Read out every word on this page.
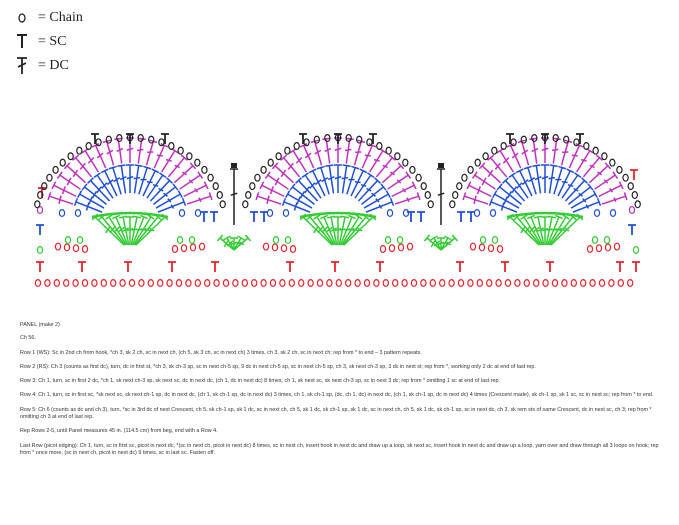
= Chain
= SC
= DC
PANEL (make 2)
Ch 56.
Row 1 (WS): Sc in 2nd ch from hook, *ch 3, sk 2 ch, sc in next ch, (ch 5, sk 3 ch, sc in next ch) 3 times, ch 3, sk 2 ch, sc in next ch; rep from * to end – 3 pattern repeats.
Row 2 (RS): Ch 3 (counts as first dc), turn, dc in first st, *ch 3, sk ch-3 sp, sc in next ch-5 sp, 9 dc in next ch-5 sp, sc in next ch-5 sp, ch 3, sk next ch-3 sp, 3 dc in next st; rep from *, working only 2 dc at end of last rep.
Row 3: Ch 1, turn, sc in first 2 dc, *ch 1, sk next ch-3 sp, sk next sc, dc in next dc, (ch 1, dc in next dc) 8 times, ch 1, sk next sc, sk next ch-3 sp, sc in next 3 dc; rep from * omitting 1 sc at end of last rep.
Row 4: Ch 1, turn, sc in first sc, *sk next sc, sk next ch-1 sp, dc in next dc, (ch 1, sk ch-1 sp, dc in next dc) 3 times, ch 1, sk ch-1 sp, (dc, ch 1, dc) in next dc, (ch 1, sk ch-1 sp, dc in next dc) 4 times (Crescent made), sk ch-1 sp, sk 1 sc, sc in next sc; rep from * to end.
Row 5: Ch 6 (counts as dc and ch 3), turn, *sc in 3rd dc of next Crescent, ch 5, sk ch-1 sp, sk 1 dc, sc in next ch, ch 5, sk 1 dc, sk ch-1 sp, sk 1 dc, sc in next ch, ch 5, sk 1 dc, sk ch-1 sp, sc in next dc, ch 3, sk rem sts of same Crescent, dc in next sc, ch 3; rep from * omitting ch 3 at end of last rep.
Rep Rows 2-5, until Panel measures 45 in. (114.5 cm) from beg, end with a Row 4.
Last Row (picot edging): Ch 1, turn, sc in first sc, picot in next dc, *(sc in next ch, picot in next dc) 8 times, sc in next ch, insert hook in next dc and draw up a loop, sk next sc, insert hook in next dc and draw up a loop, yarn over and draw through all 3 loops on hook; rep from * once more, (sc in next ch, picot in next dc) 9 times, sc in last sc. Fasten off.
